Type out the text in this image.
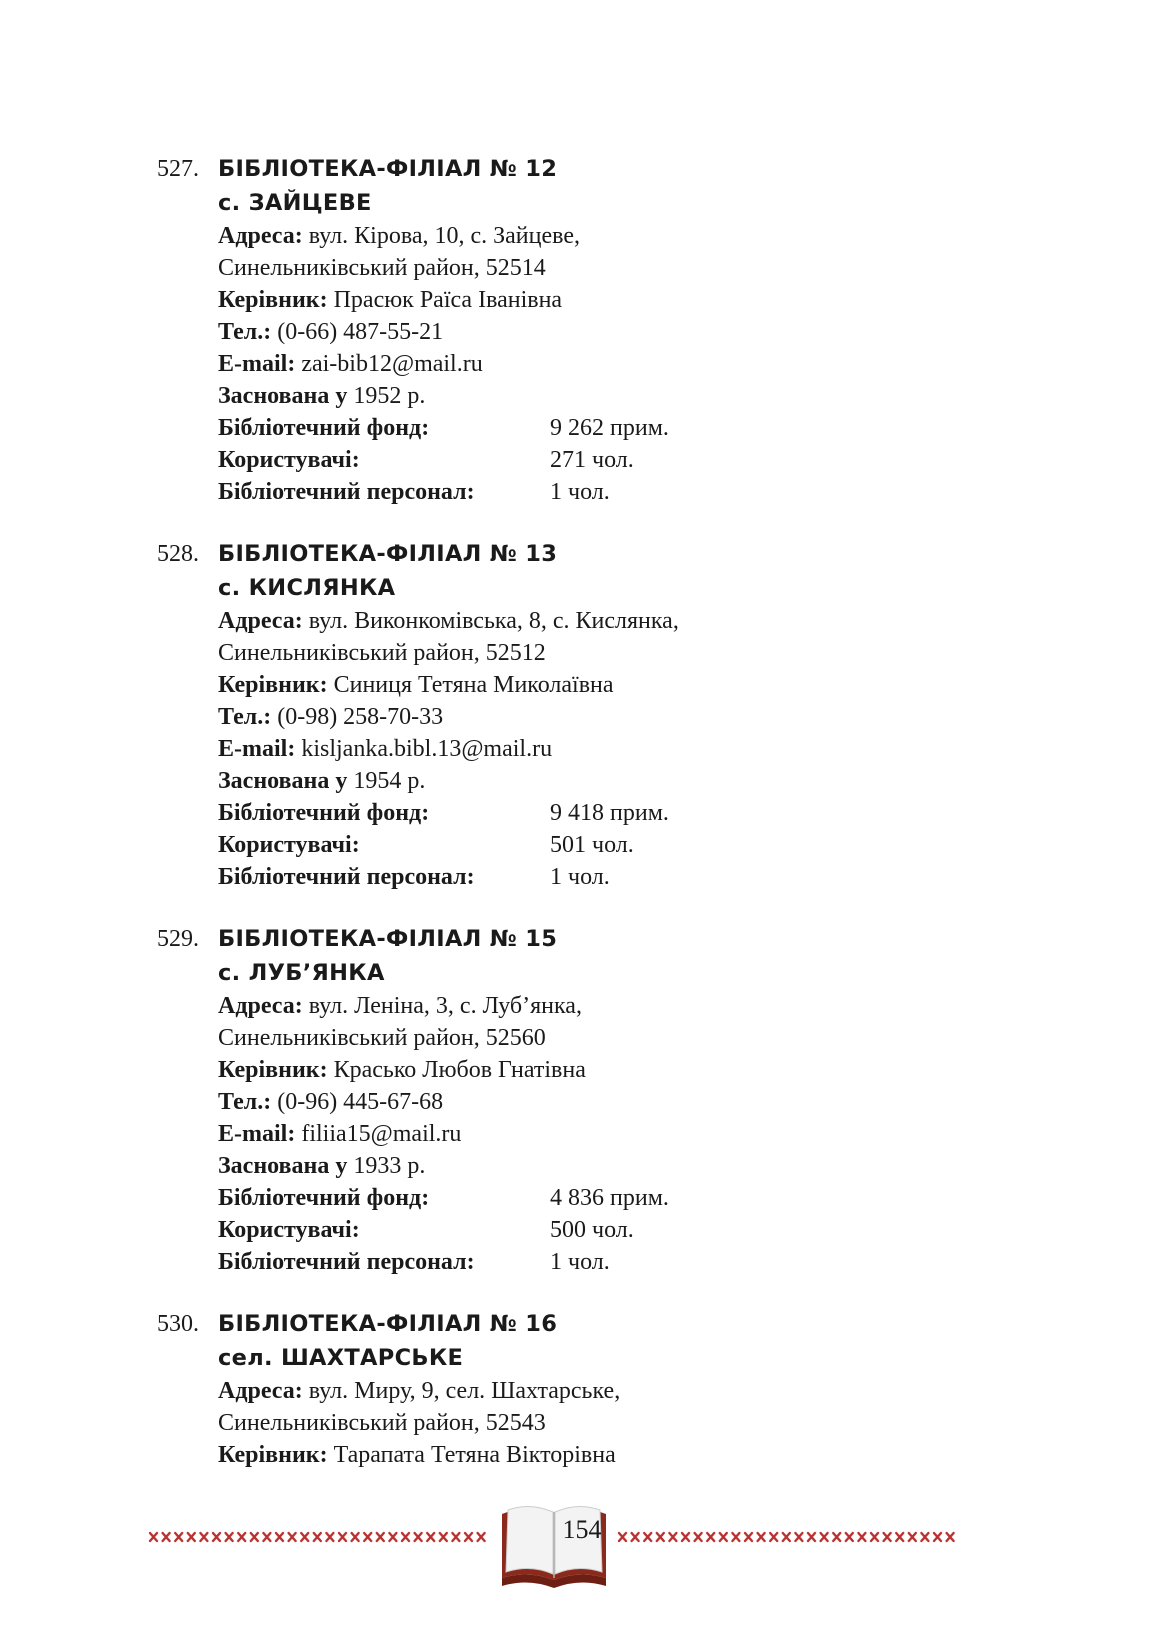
527. БІБЛІОТЕКА-ФІЛІАЛ № 12
с. ЗАЙЦЕВЕ
Адреса: вул. Кірова, 10, с. Зайцеве,
Синельниківський район, 52514
Керівник: Прасюк Раїса Іванівна
Тел.: (0-66) 487-55-21
E-mail: zai-bib12@mail.ru
Заснована у 1952 р.
Бібліотечний фонд:	9 262 прим.
Користувачі:	271 чол.
Бібліотечний персонал:	1 чол.
528. БІБЛІОТЕКА-ФІЛІАЛ № 13
с. КИСЛЯНКА
Адреса: вул. Виконкомівська, 8, с. Кислянка,
Синельниківський район, 52512
Керівник: Синиця Тетяна Миколаївна
Тел.: (0-98) 258-70-33
E-mail: kisljanka.bibl.13@mail.ru
Заснована у 1954 р.
Бібліотечний фонд:	9 418 прим.
Користувачі:	501 чол.
Бібліотечний персонал:	1 чол.
529. БІБЛІОТЕКА-ФІЛІАЛ № 15
с. ЛУБ’ЯНКА
Адреса: вул. Леніна, 3, с. Луб’янка,
Синельниківський район, 52560
Керівник: Красько Любов Гнатівна
Тел.: (0-96) 445-67-68
E-mail: filiia15@mail.ru
Заснована у 1933 р.
Бібліотечний фонд:	4 836 прим.
Користувачі:	500 чол.
Бібліотечний персонал:	1 чол.
530. БІБЛІОТЕКА-ФІЛІАЛ № 16
сел. ШАХТАРСЬКЕ
Адреса: вул. Миру, 9, сел. Шахтарське,
Синельниківський район, 52543
Керівник: Тарапата Тетяна Вікторівна
154
